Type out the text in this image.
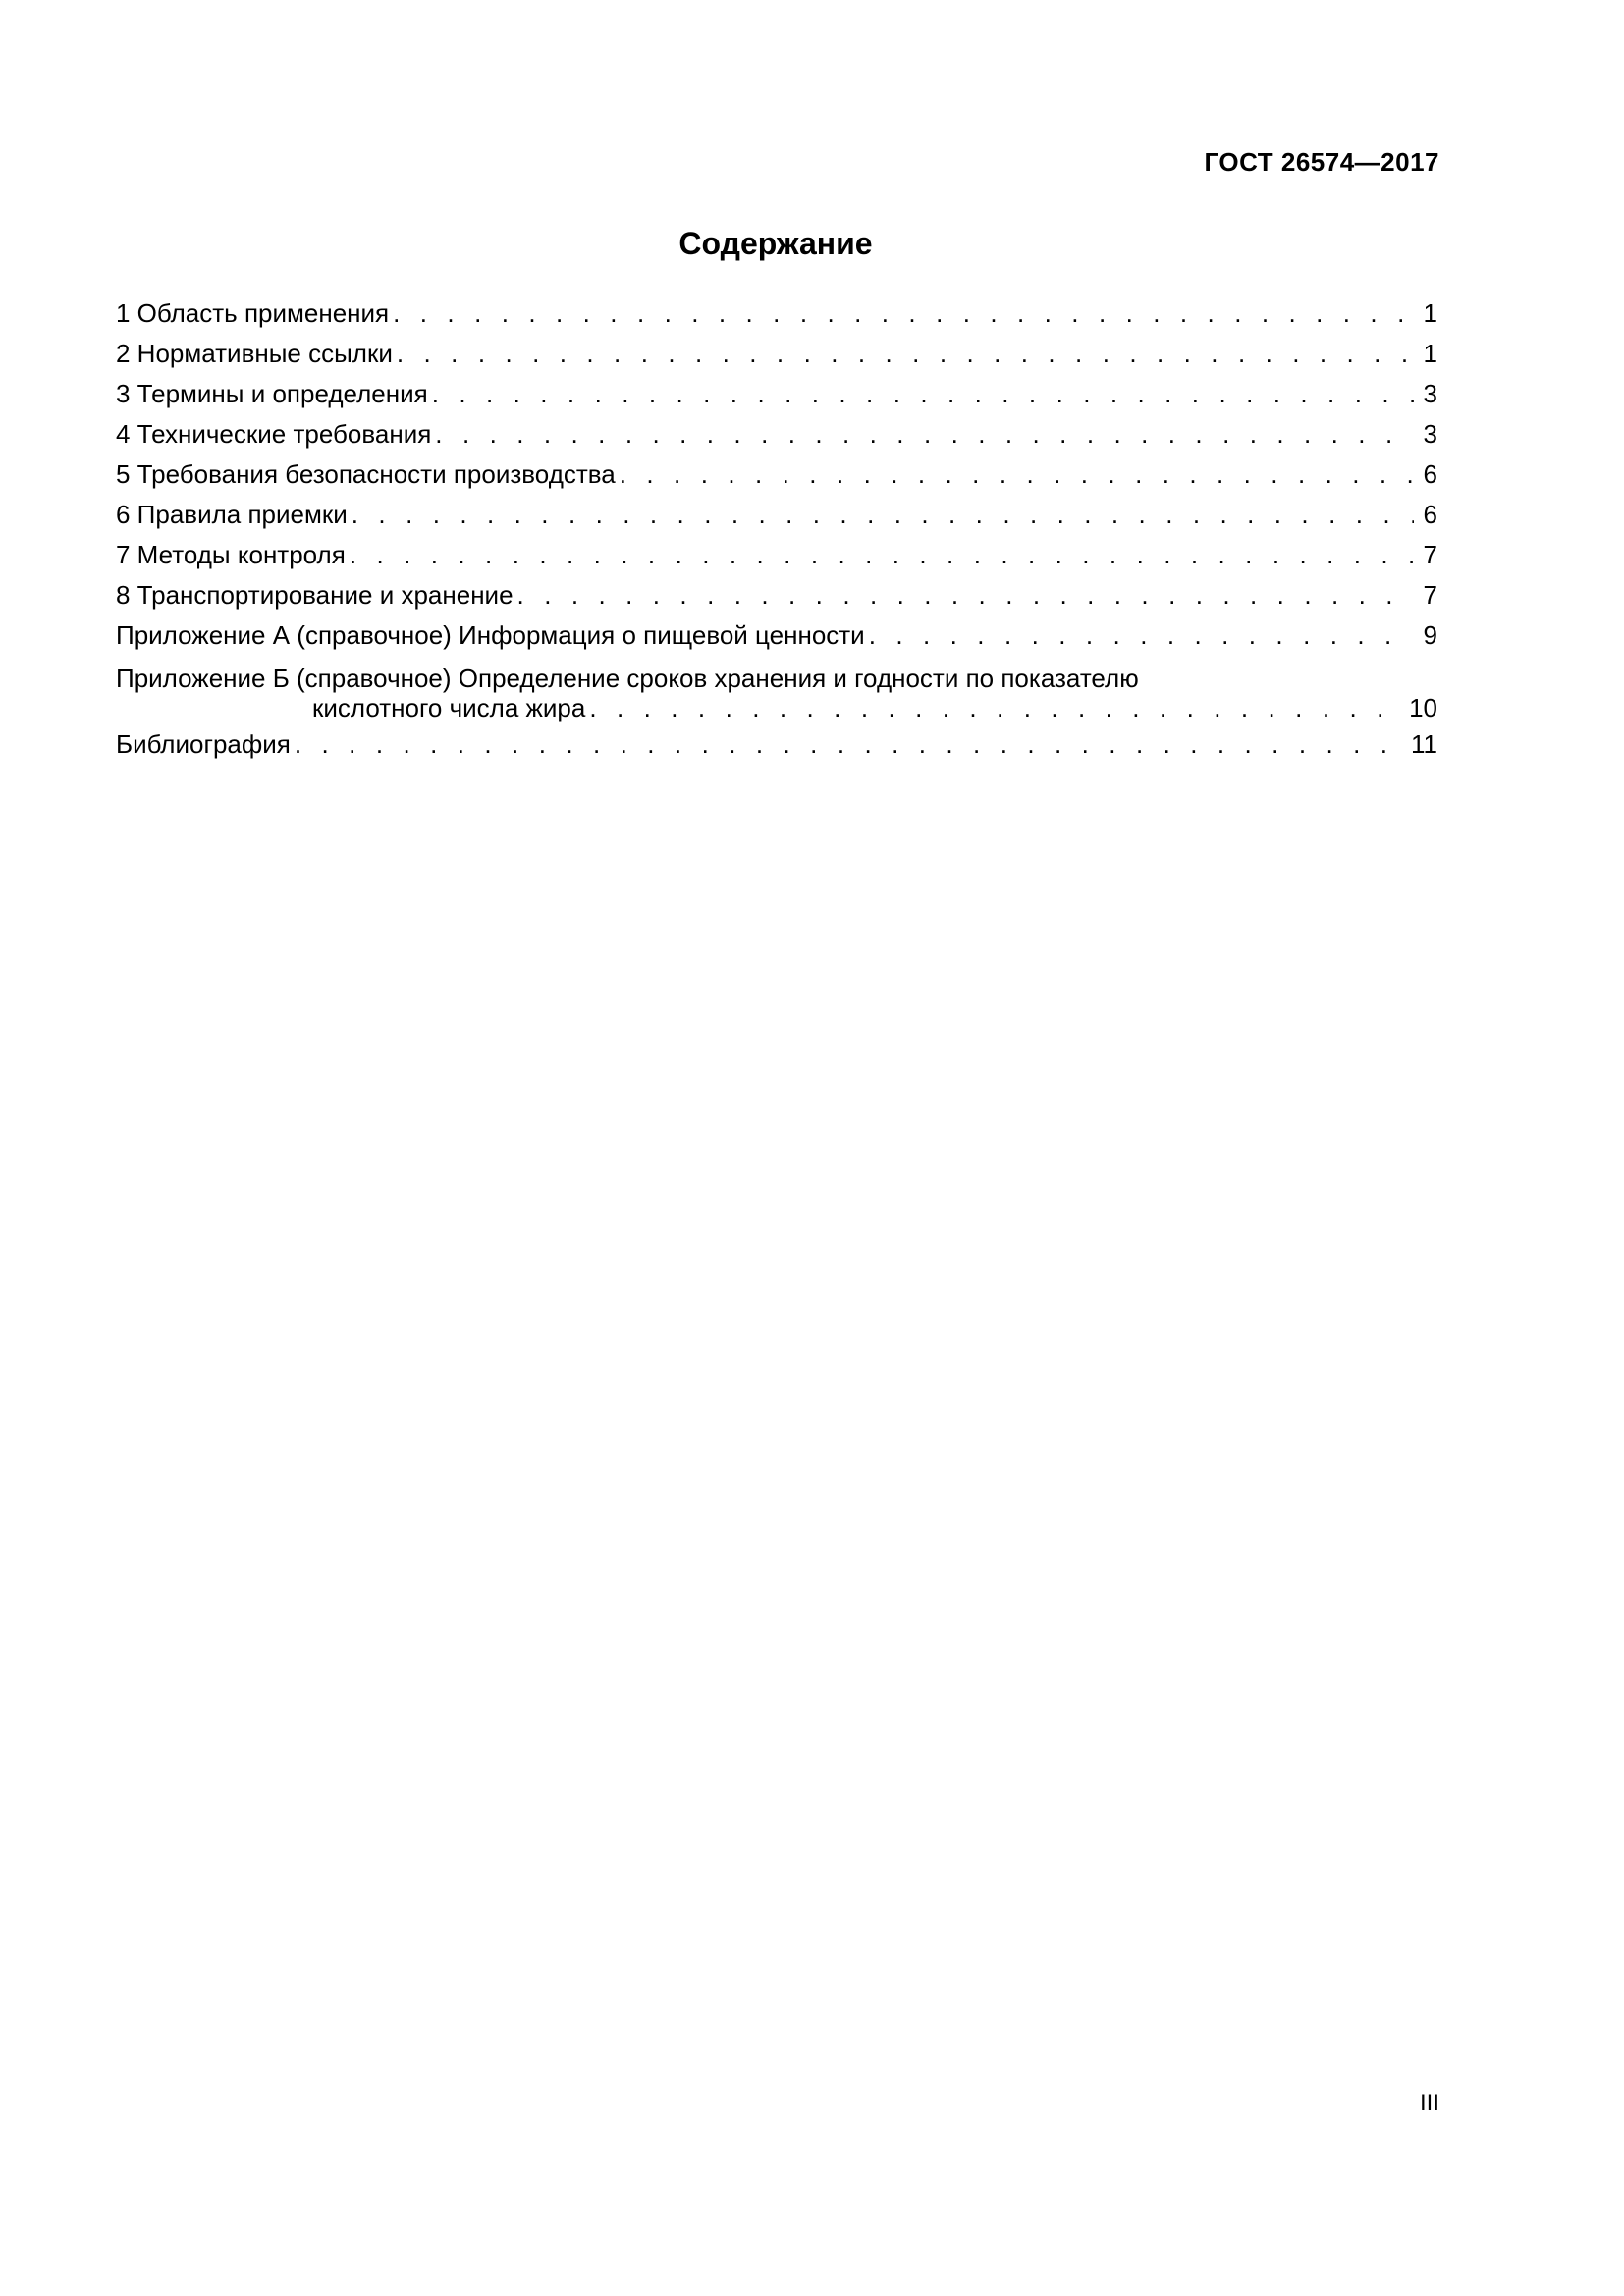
ГОСТ 26574—2017
Содержание
1 Область применения . . .	1
2 Нормативные ссылки . . .	1
3 Термины и определения . . .	3
4 Технические требования . . .	3
5 Требования безопасности производства . . .	6
6 Правила приемки . . .	6
7 Методы контроля . . .	7
8 Транспортирование и хранение . . .	7
Приложение А (справочное) Информация о пищевой ценности . . .	9
Приложение Б (справочное) Определение сроков хранения и годности по показателю
кислотного числа жира . . .	10
Библиография . . .	11
III
